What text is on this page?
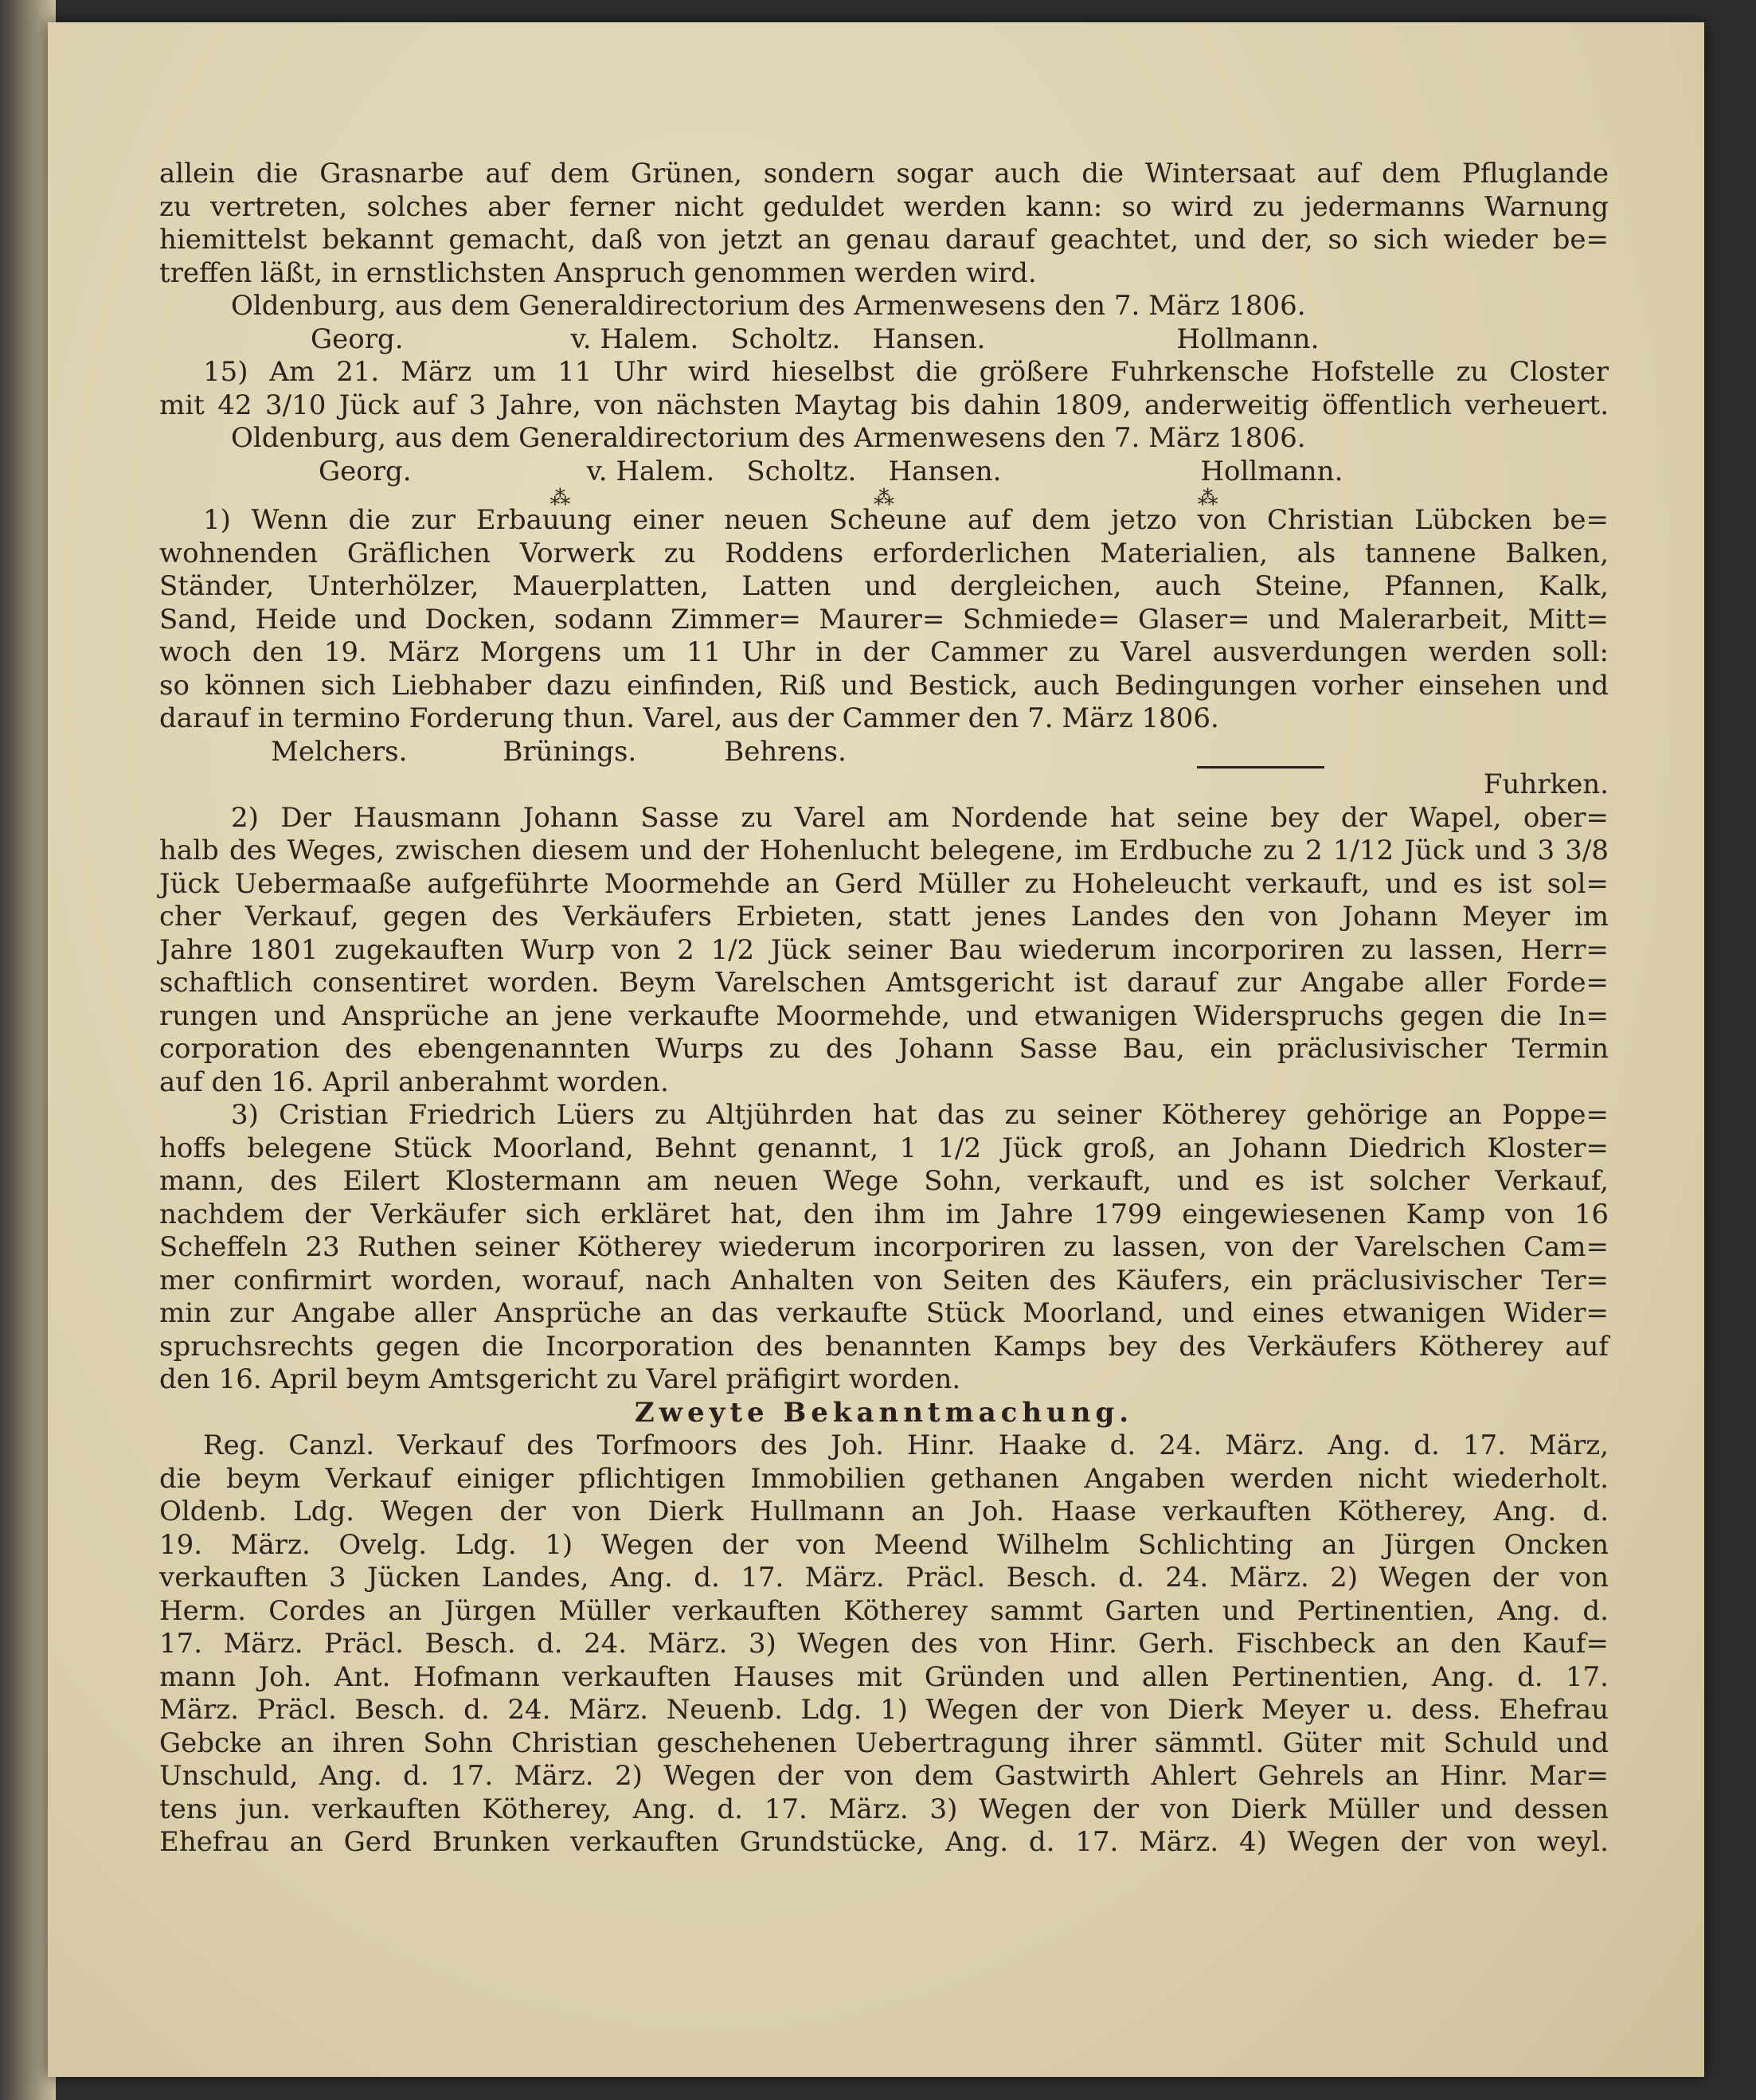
allein die Grasnarbe auf dem Grünen, sondern sogar auch die Wintersaat auf dem Pfluglande
zu vertreten, solches aber ferner nicht geduldet werden kann: so wird zu jedermanns Warnung
hiemittelst bekannt gemacht, daß von jetzt an genau darauf geachtet, und der, so sich wieder be=
treffen läßt, in ernstlichsten Anspruch genommen werden wird.
Oldenburg, aus dem Generaldirectorium des Armenwesens den 7. März 1806.
Georg.	v. Halem. Scholtz. Hansen.	Hollmann.
15) Am 21. März um 11 Uhr wird hieselbst die größere Fuhrkensche Hofstelle zu Closter
mit 42 3/10 Jück auf 3 Jahre, von nächsten Maytag bis dahin 1809, anderweitig öffentlich verheuert.
Oldenburg, aus dem Generaldirectorium des Armenwesens den 7. März 1806.
Georg.	v. Halem. Scholtz. Hansen.	Hollmann.
⁂	⁂	⁂
1) Wenn die zur Erbauung einer neuen Scheune auf dem jetzo von Christian Lübcken be=
wohnenden Gräflichen Vorwerk zu Roddens erforderlichen Materialien, als tannene Balken,
Ständer, Unterhölzer, Mauerplatten, Latten und dergleichen, auch Steine, Pfannen, Kalk,
Sand, Heide und Docken, sodann Zimmer= Maurer= Schmiede= Glaser= und Malerarbeit, Mitt=
woch den 19. März Morgens um 11 Uhr in der Cammer zu Varel ausverdungen werden soll:
so können sich Liebhaber dazu einfinden, Riß und Bestick, auch Bedingungen vorher einsehen und
darauf in termino Forderung thun. Varel, aus der Cammer den 7. März 1806.
Melchers.	Brünings.	Behrens.
Fuhrken.
2) Der Hausmann Johann Sasse zu Varel am Nordende hat seine bey der Wapel, ober=
halb des Weges, zwischen diesem und der Hohenlucht belegene, im Erdbuche zu 2 1/12 Jück und 3 3/8
Jück Uebermaaße aufgeführte Moormehde an Gerd Müller zu Hoheleucht verkauft, und es ist sol=
cher Verkauf, gegen des Verkäufers Erbieten, statt jenes Landes den von Johann Meyer im
Jahre 1801 zugekauften Wurp von 2 1/2 Jück seiner Bau wiederum incorporiren zu lassen, Herr=
schaftlich consentiret worden. Beym Varelschen Amtsgericht ist darauf zur Angabe aller Forde=
rungen und Ansprüche an jene verkaufte Moormehde, und etwanigen Widerspruchs gegen die In=
corporation des ebengenannten Wurps zu des Johann Sasse Bau, ein präclusivischer Termin
auf den 16. April anberahmt worden.
3) Cristian Friedrich Lüers zu Altjührden hat das zu seiner Kötherey gehörige an Poppe=
hoffs belegene Stück Moorland, Behnt genannt, 1 1/2 Jück groß, an Johann Diedrich Kloster=
mann, des Eilert Klostermann am neuen Wege Sohn, verkauft, und es ist solcher Verkauf,
nachdem der Verkäufer sich erkläret hat, den ihm im Jahre 1799 eingewiesenen Kamp von 16
Scheffeln 23 Ruthen seiner Kötherey wiederum incorporiren zu lassen, von der Varelschen Cam=
mer confirmirt worden, worauf, nach Anhalten von Seiten des Käufers, ein präclusivischer Ter=
min zur Angabe aller Ansprüche an das verkaufte Stück Moorland, und eines etwanigen Wider=
spruchsrechts gegen die Incorporation des benannten Kamps bey des Verkäufers Kötherey auf
den 16. April beym Amtsgericht zu Varel präfigirt worden.
Zweyte Bekanntmachung.
Reg. Canzl. Verkauf des Torfmoors des Joh. Hinr. Haake d. 24. März. Ang. d. 17. März,
die beym Verkauf einiger pflichtigen Immobilien gethanen Angaben werden nicht wiederholt.
Oldenb. Ldg. Wegen der von Dierk Hullmann an Joh. Haase verkauften Kötherey, Ang. d.
19. März. Ovelg. Ldg. 1) Wegen der von Meend Wilhelm Schlichting an Jürgen Oncken
verkauften 3 Jücken Landes, Ang. d. 17. März. Präcl. Besch. d. 24. März. 2) Wegen der von
Herm. Cordes an Jürgen Müller verkauften Kötherey sammt Garten und Pertinentien, Ang. d.
17. März. Präcl. Besch. d. 24. März. 3) Wegen des von Hinr. Gerh. Fischbeck an den Kauf=
mann Joh. Ant. Hofmann verkauften Hauses mit Gründen und allen Pertinentien, Ang. d. 17.
März. Präcl. Besch. d. 24. März. Neuenb. Ldg. 1) Wegen der von Dierk Meyer u. dess. Ehefrau
Gebcke an ihren Sohn Christian geschehenen Uebertragung ihrer sämmtl. Güter mit Schuld und
Unschuld, Ang. d. 17. März. 2) Wegen der von dem Gastwirth Ahlert Gehrels an Hinr. Mar=
tens jun. verkauften Kötherey, Ang. d. 17. März. 3) Wegen der von Dierk Müller und dessen
Ehefrau an Gerd Brunken verkauften Grundstücke, Ang. d. 17. März. 4) Wegen der von weyl.
